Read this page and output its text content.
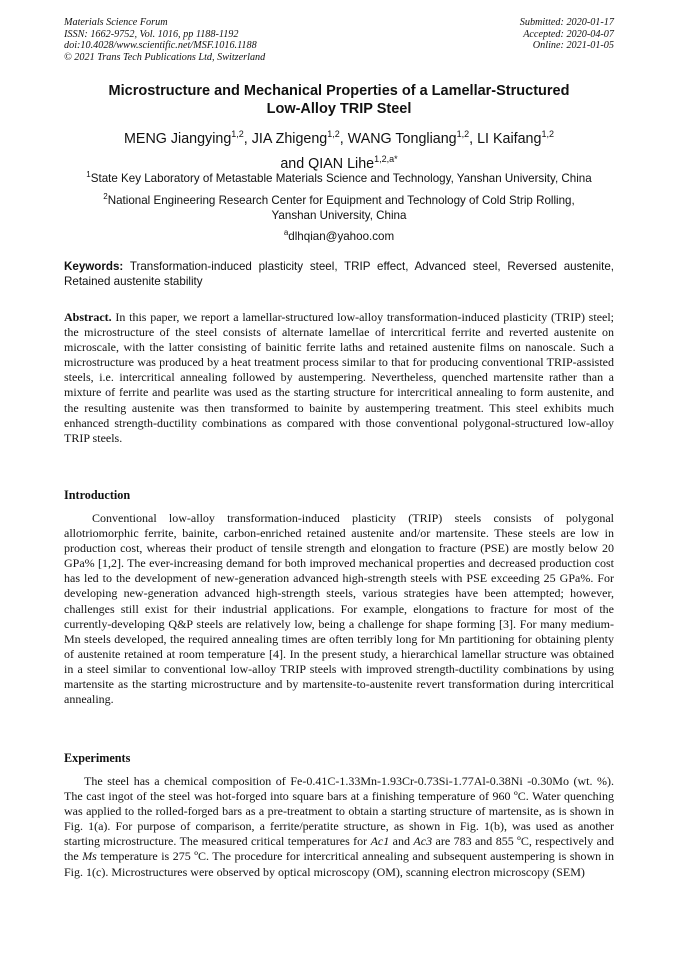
Materials Science Forum
ISSN: 1662-9752, Vol. 1016, pp 1188-1192
doi:10.4028/www.scientific.net/MSF.1016.1188
© 2021 Trans Tech Publications Ltd, Switzerland
Submitted: 2020-01-17
Accepted: 2020-04-07
Online: 2021-01-05
Microstructure and Mechanical Properties of a Lamellar-Structured
Low-Alloy TRIP Steel
MENG Jiangying$^{1,2}$, JIA Zhigeng$^{1,2}$, WANG Tongliang$^{1,2}$, LI Kaifang$^{1,2}$
and QIAN Lihe$^{1,2,a*}$
$^1$State Key Laboratory of Metastable Materials Science and Technology, Yanshan University, China
$^2$National Engineering Research Center for Equipment and Technology of Cold Strip Rolling,
Yanshan University, China
$^a$dlhqian@yahoo.com
Keywords: Transformation-induced plasticity steel, TRIP effect, Advanced steel, Reversed austenite, Retained austenite stability
Abstract. In this paper, we report a lamellar-structured low-alloy transformation-induced plasticity (TRIP) steel; the microstructure of the steel consists of alternate lamellae of intercritical ferrite and reverted austenite on microscale, with the latter consisting of bainitic ferrite laths and retained austenite films on nanoscale. Such a microstructure was produced by a heat treatment process similar to that for producing conventional TRIP-assisted steels, i.e. intercritical annealing followed by austempering. Nevertheless, quenched martensite rather than a mixture of ferrite and pearlite was used as the starting structure for intercritical annealing to form austenite, and the resulting austenite was then transformed to bainite by austempering treatment. This steel exhibits much enhanced strength-ductility combinations as compared with those conventional polygonal-structured low-alloy TRIP steels.
Introduction
Conventional low-alloy transformation-induced plasticity (TRIP) steels consists of polygonal allotriomorphic ferrite, bainite, carbon-enriched retained austenite and/or martensite. These steels are low in production cost, whereas their product of tensile strength and elongation to fracture (PSE) are mostly below 20 GPa% [1,2]. The ever-increasing demand for both improved mechanical properties and decreased production cost has led to the development of new-generation advanced high-strength steels with PSE exceeding 25 GPa%. For developing new-generation advanced high-strength steels, various strategies have been attempted; however, challenges still exist for their industrial applications. For example, elongations to fracture for most of the currently-developing Q&P steels are relatively low, being a challenge for shape forming [3]. For many medium-Mn steels developed, the required annealing times are often terribly long for Mn partitioning for obtaining plenty of austenite retained at room temperature [4]. In the present study, a hierarchical lamellar structure was obtained in a steel similar to conventional low-alloy TRIP steels with improved strength-ductility combinations by using martensite as the starting microstructure and by martensite-to-austenite revert transformation during intercritical annealing.
Experiments
The steel has a chemical composition of Fe-0.41C-1.33Mn-1.93Cr-0.73Si-1.77Al-0.38Ni -0.30Mo (wt. %). The cast ingot of the steel was hot-forged into square bars at a finishing temperature of 960 ºC. Water quenching was applied to the rolled-forged bars as a pre-treatment to obtain a starting structure of martensite, as is shown in Fig. 1(a). For purpose of comparison, a ferrite/peratite structure, as shown in Fig. 1(b), was used as another starting microstructure. The measured critical temperatures for Ac1 and Ac3 are 783 and 855 ºC, respectively and the Ms temperature is 275 ºC. The procedure for intercritical annealing and subsequent austempering is shown in Fig. 1(c). Microstructures were observed by optical microscopy (OM), scanning electron microscopy (SEM)
